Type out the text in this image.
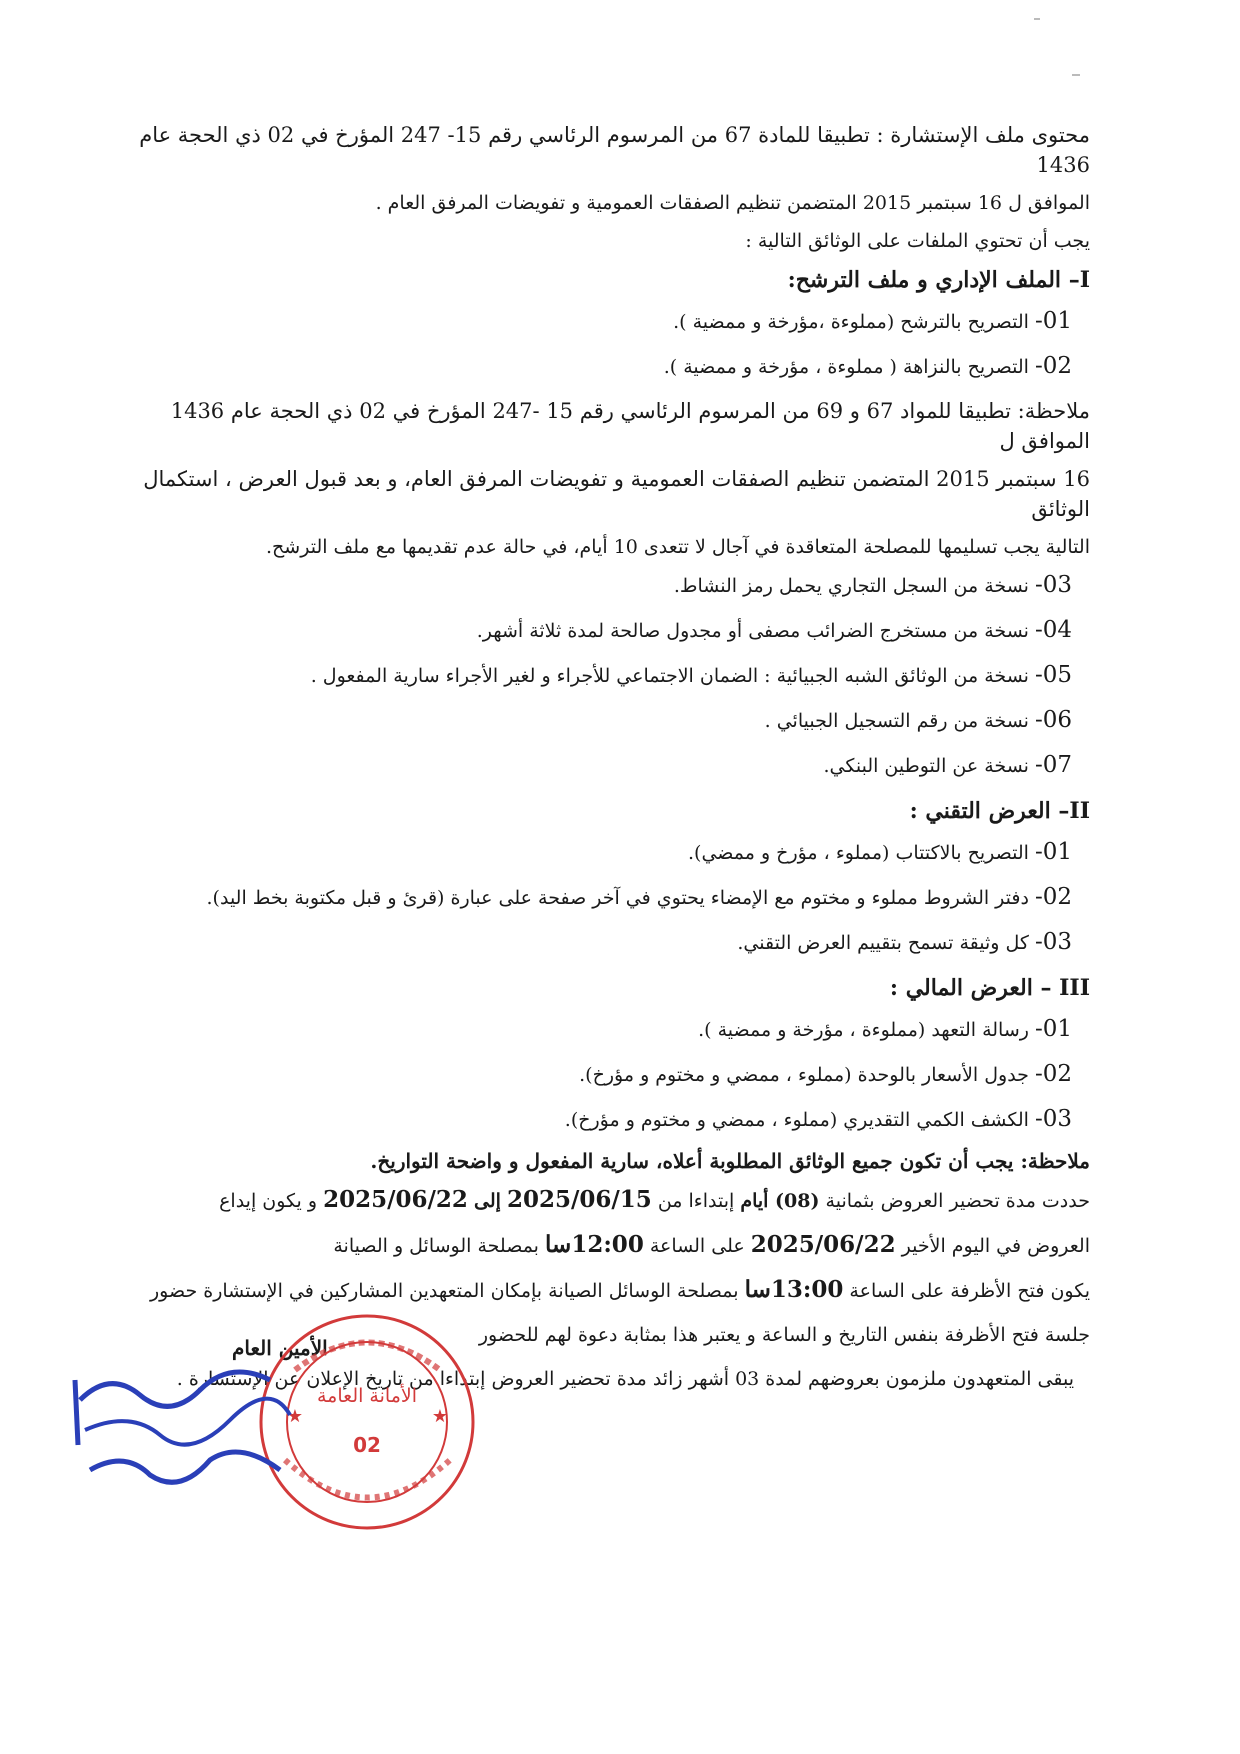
محتوى ملف الإستشارة : تطبيقا للمادة 67 من المرسوم الرئاسي رقم 15- 247 المؤرخ في 02 ذي الحجة عام 1436

الموافق ل 16 سبتمبر 2015 المتضمن تنظيم الصفقات العمومية و تفويضات المرفق العام .

يجب أن تحتوي الملفات على الوثائق التالية :

I– الملف الإداري و ملف الترشح:

01-التصريح بالترشح (مملوءة ،مؤرخة و ممضية ).

02-التصريح بالنزاهة ( مملوءة ، مؤرخة و ممضية ).

ملاحظة: تطبيقا للمواد 67 و 69 من المرسوم الرئاسي رقم 15 -247 المؤرخ في 02 ذي الحجة عام 1436 الموافق ل

16 سبتمبر 2015 المتضمن تنظيم الصفقات العمومية و تفويضات المرفق العام، و بعد قبول العرض ، استكمال الوثائق

التالية يجب تسليمها للمصلحة المتعاقدة في آجال لا تتعدى 10 أيام، في حالة عدم تقديمها مع ملف الترشح.

03-نسخة من السجل التجاري يحمل رمز النشاط.

04-نسخة من مستخرج الضرائب مصفى أو مجدول صالحة لمدة ثلاثة أشهر.

05-نسخة من الوثائق الشبه الجبيائية : الضمان الاجتماعي للأجراء و لغير الأجراء سارية المفعول .

06-نسخة من رقم التسجيل الجبيائي .

07-نسخة عن التوطين البنكي.

II– العرض التقني :

01-التصريح بالاكتتاب (مملوء ، مؤرخ و ممضي).

02-دفتر الشروط مملوء و مختوم مع الإمضاء يحتوي في آخر صفحة على عبارة (قرئ و قبل مكتوبة بخط اليد).

03-كل وثيقة تسمح بتقييم العرض التقني.

III – العرض المالي :

01-رسالة التعهد (مملوءة ، مؤرخة و ممضية ).

02-جدول الأسعار بالوحدة (مملوء ، ممضي و مختوم و مؤرخ).

03-الكشف الكمي التقديري (مملوء ، ممضي و مختوم و مؤرخ).

ملاحظة: يجب أن تكون جميع الوثائق المطلوبة أعلاه، سارية المفعول و واضحة التواريخ.

حددت مدة تحضير العروض بثمانية (08) أيام إبتداءا من 2025/06/15 إلى 2025/06/22 و يكون إيداع

العروض في اليوم الأخير 2025/06/22 على الساعة 12:00سا بمصلحة الوسائل و الصيانة

يكون فتح الأظرفة على الساعة 13:00سا بمصلحة الوسائل الصيانة بإمكان المتعهدين المشاركين في الإستشارة حضور

جلسة فتح الأظرفة بنفس التاريخ و الساعة و يعتبر هذا بمثابة دعوة لهم للحضور

يبقى المتعهدون ملزمون بعروضهم لمدة 03 أشهر زائد مدة تحضير العروض إبتداءا من تاريخ الإعلان عن الإستشارة .

الأمين العام
الأمانة العامة
02
★	★
